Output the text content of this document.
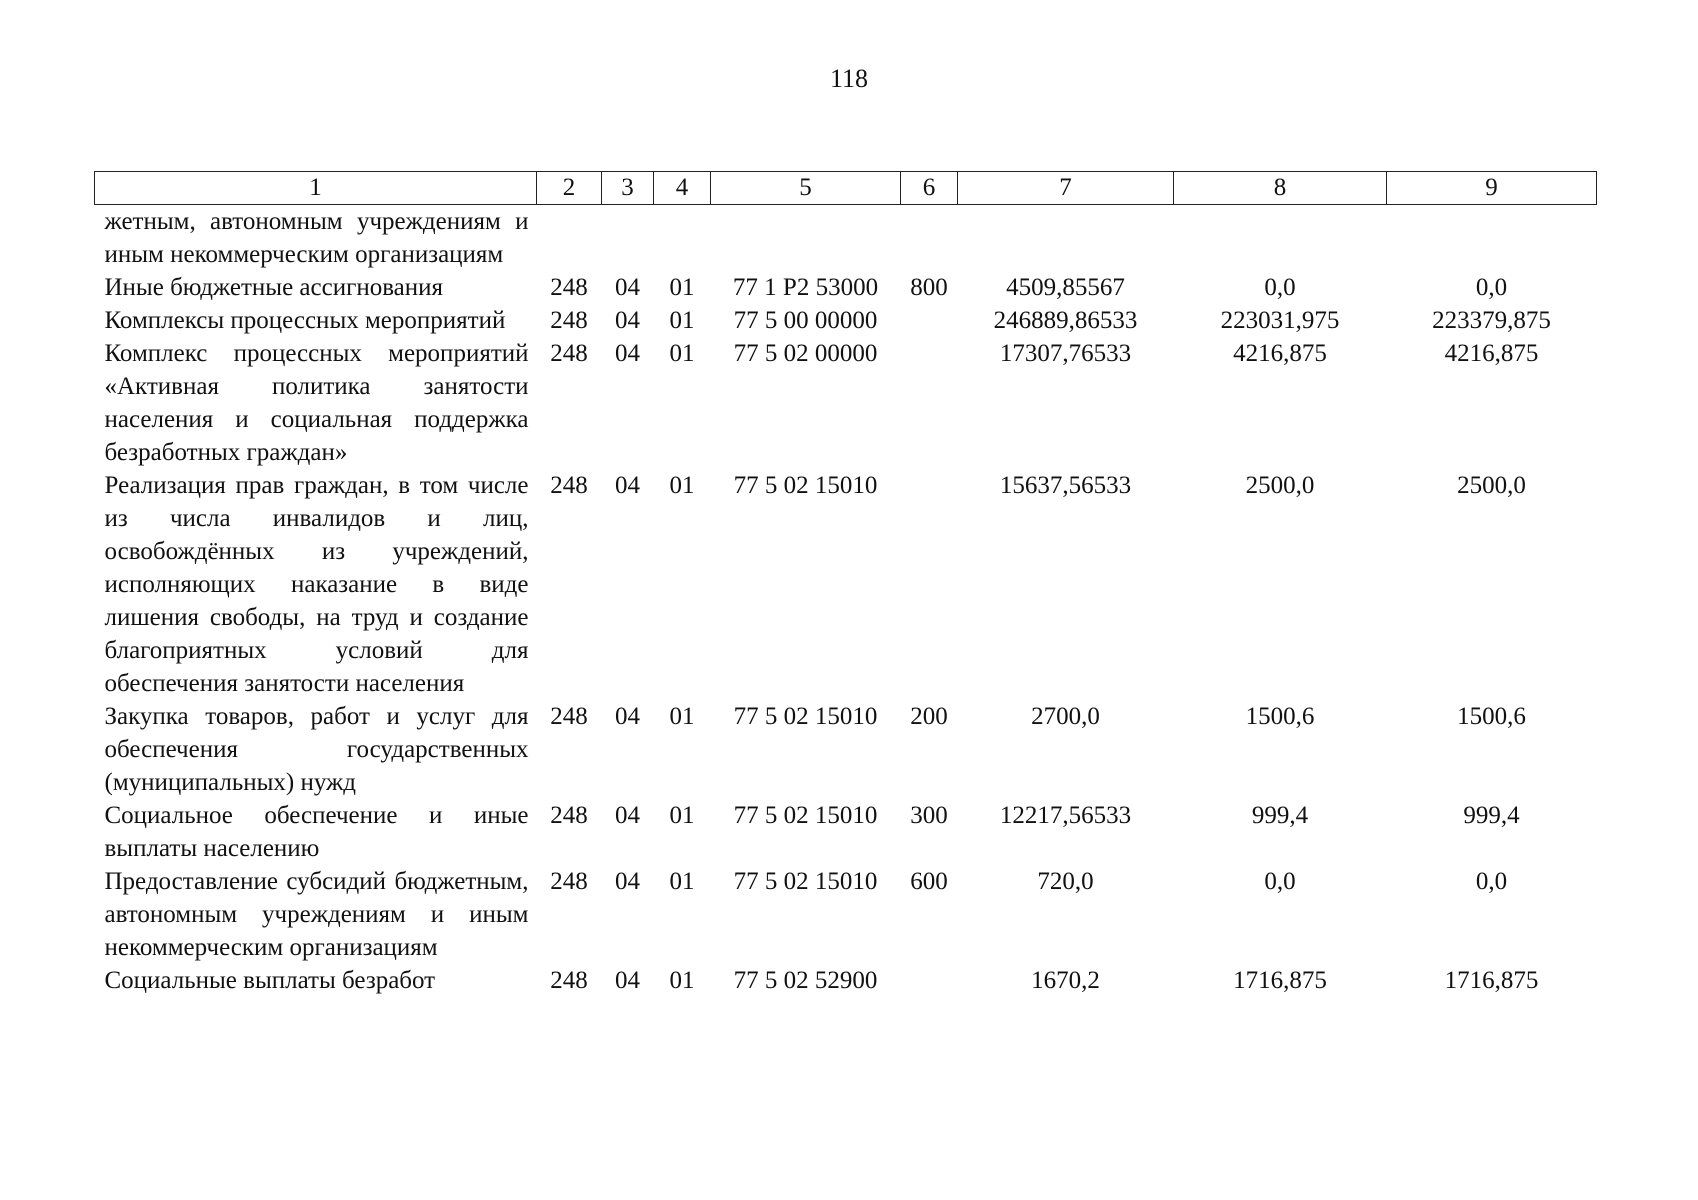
118
1	2	3	4	5	6	7	8	9
жетным, автономным учреждениям и иным некоммерческим организациям								
Иные бюджетные ассигнования	248	04	01	77 1 Р2 53000	800	4509,85567	0,0	0,0
Комплексы процессных мероприятий	248	04	01	77 5 00 00000		246889,86533	223031,975	223379,875
Комплекс процессных мероприятий «Активная политика занятости населения и социальная поддержка безработных граждан»	248	04	01	77 5 02 00000		17307,76533	4216,875	4216,875
Реализация прав граждан, в том числе из числа инвалидов и лиц, освобождённых из учреждений, исполняющих наказание в виде лишения свободы, на труд и создание благоприятных условий для обеспечения занятости населения	248	04	01	77 5 02 15010		15637,56533	2500,0	2500,0
Закупка товаров, работ и услуг для обеспечения государственных (муниципальных) нужд	248	04	01	77 5 02 15010	200	2700,0	1500,6	1500,6
Социальное обеспечение и иные выплаты населению	248	04	01	77 5 02 15010	300	12217,56533	999,4	999,4
Предоставление субсидий бюджетным, автономным учреждениям и иным некоммерческим организациям	248	04	01	77 5 02 15010	600	720,0	0,0	0,0
Социальные выплаты безработ	248	04	01	77 5 02 52900		1670,2	1716,875	1716,875
